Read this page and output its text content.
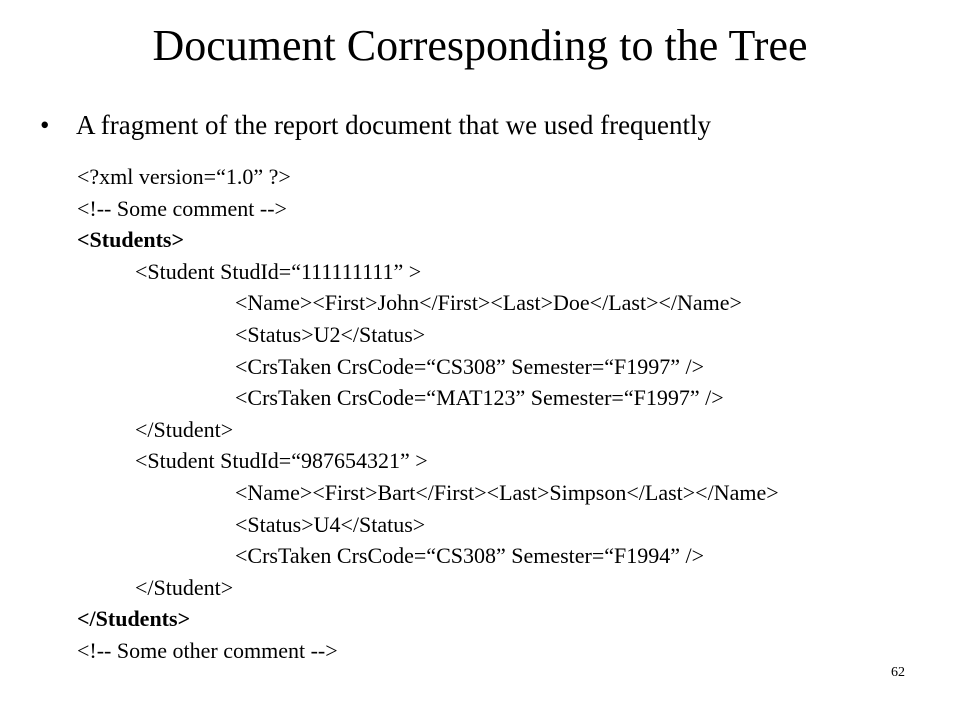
Document Corresponding to the Tree
• A fragment of the report document that we used frequently
<?xml version=“1.0” ?>
<!-- Some comment -->
<Students>
<Student StudId=“111111111” >
<Name><First>John</First><Last>Doe</Last></Name>
<Status>U2</Status>
<CrsTaken CrsCode=“CS308” Semester=“F1997” />
<CrsTaken CrsCode=“MAT123” Semester=“F1997” />
</Student>
<Student StudId=“987654321” >
<Name><First>Bart</First><Last>Simpson</Last></Name>
<Status>U4</Status>
<CrsTaken CrsCode=“CS308” Semester=“F1994” />
</Student>
</Students>
<!-- Some other comment -->
62
